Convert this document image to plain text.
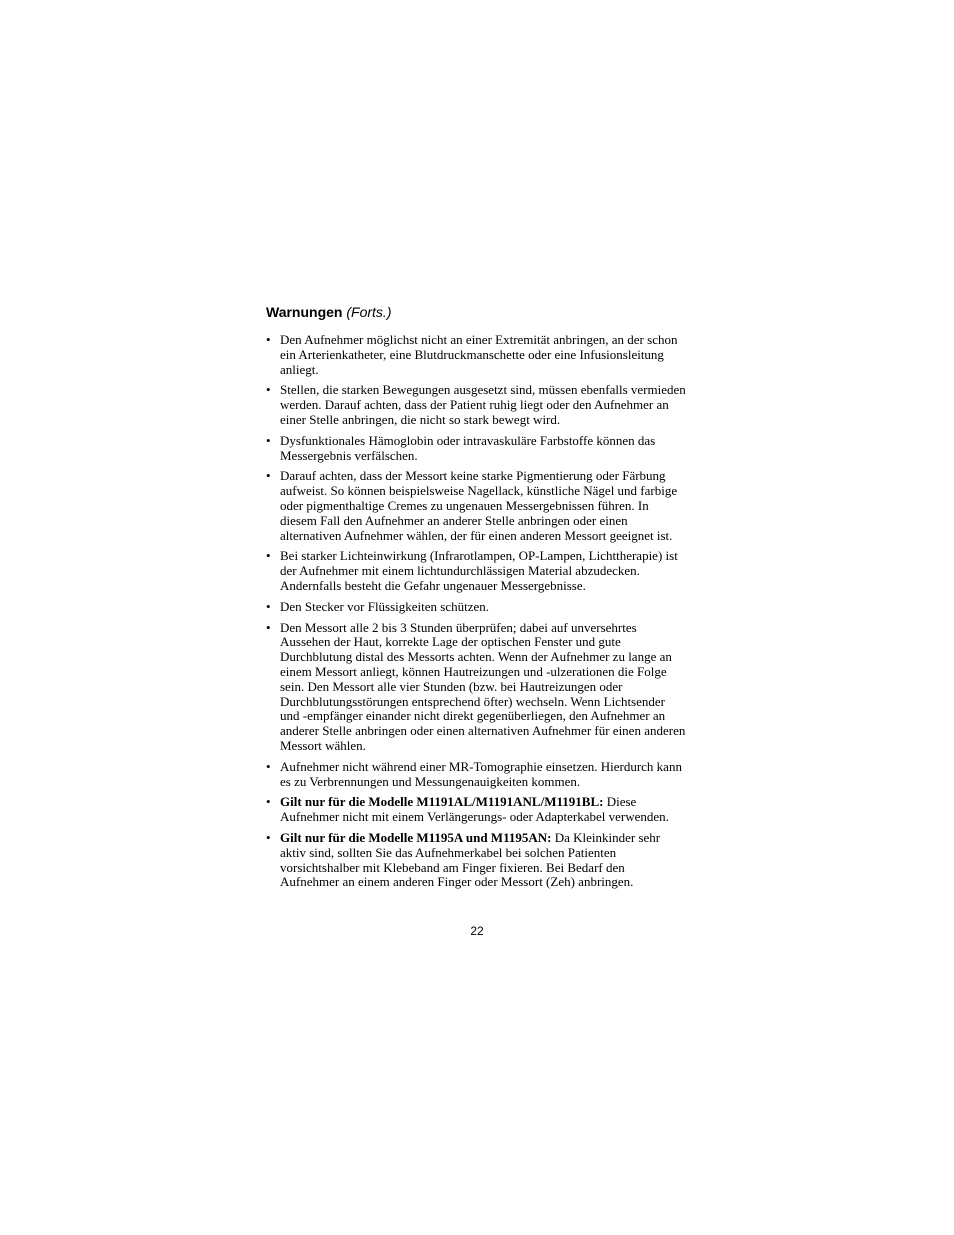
Warnungen (Forts.)
• Den Aufnehmer möglichst nicht an einer Extremität anbringen, an der schon ein Arterienkatheter, eine Blutdruckmanschette oder eine Infusionsleitung anliegt.
• Stellen, die starken Bewegungen ausgesetzt sind, müssen ebenfalls vermieden werden. Darauf achten, dass der Patient ruhig liegt oder den Aufnehmer an einer Stelle anbringen, die nicht so stark bewegt wird.
• Dysfunktionales Hämoglobin oder intravaskuläre Farbstoffe können das Messergebnis verfälschen.
• Darauf achten, dass der Messort keine starke Pigmentierung oder Färbung aufweist. So können beispielsweise Nagellack, künstliche Nägel und farbige oder pigmenthaltige Cremes zu ungenauen Messergebnissen führen. In diesem Fall den Aufnehmer an anderer Stelle anbringen oder einen alternativen Aufnehmer wählen, der für einen anderen Messort geeignet ist.
• Bei starker Lichteinwirkung (Infrarotlampen, OP-Lampen, Lichttherapie) ist der Aufnehmer mit einem lichtundurchlässigen Material abzudecken. Andernfalls besteht die Gefahr ungenauer Messergebnisse.
• Den Stecker vor Flüssigkeiten schützen.
• Den Messort alle 2 bis 3 Stunden überprüfen; dabei auf unversehrtes Aussehen der Haut, korrekte Lage der optischen Fenster und gute Durchblutung distal des Messorts achten. Wenn der Aufnehmer zu lange an einem Messort anliegt, können Hautreizungen und -ulzerationen die Folge sein. Den Messort alle vier Stunden (bzw. bei Hautreizungen oder Durchblutungsstörungen entsprechend öfter) wechseln. Wenn Lichtsender und -empfänger einander nicht direkt gegenüberliegen, den Aufnehmer an anderer Stelle anbringen oder einen alternativen Aufnehmer für einen anderen Messort wählen.
• Aufnehmer nicht während einer MR-Tomographie einsetzen. Hierdurch kann es zu Verbrennungen und Messungenauigkeiten kommen.
• Gilt nur für die Modelle M1191AL/M1191ANL/M1191BL: Diese Aufnehmer nicht mit einem Verlängerungs- oder Adapterkabel verwenden.
• Gilt nur für die Modelle M1195A und M1195AN: Da Kleinkinder sehr aktiv sind, sollten Sie das Aufnehmerkabel bei solchen Patienten vorsichtshalber mit Klebeband am Finger fixieren. Bei Bedarf den Aufnehmer an einem anderen Finger oder Messort (Zeh) anbringen.
22
